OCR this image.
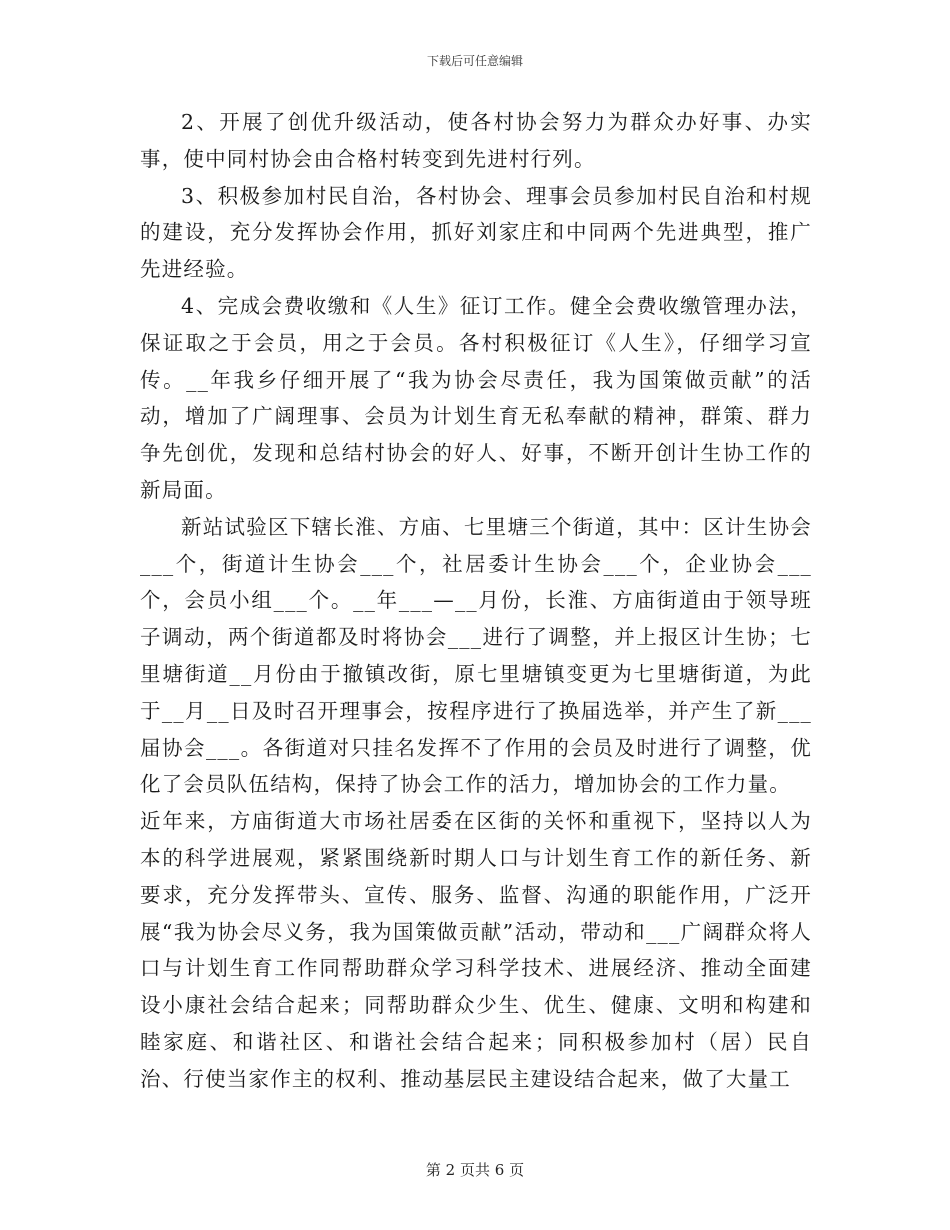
下载后可任意编辑

2、开展了创优升级活动，使各村协会努力为群众办好事、办实事，使中同村协会由合格村转变到先进村行列。

3、积极参加村民自治，各村协会、理事会员参加村民自治和村规的建设，充分发挥协会作用，抓好刘家庄和中同两个先进典型，推广先进经验。

4、完成会费收缴和《人生》征订工作。健全会费收缴管理办法，保证取之于会员，用之于会员。各村积极征订《人生》，仔细学习宣传。__年我乡仔细开展了“我为协会尽责任，我为国策做贡献”的活动，增加了广阔理事、会员为计划生育无私奉献的精神，群策、群力争先创优，发现和总结村协会的好人、好事，不断开创计生协工作的新局面。

新站试验区下辖长淮、方庙、七里塘三个街道，其中：区计生协会___个，街道计生协会___个，社居委计生协会___个，企业协会___个，会员小组___个。__年___—__月份，长淮、方庙街道由于领导班子调动，两个街道都及时将协会___进行了调整，并上报区计生协；七里塘街道__月份由于撤镇改街，原七里塘镇变更为七里塘街道，为此于__月__日及时召开理事会，按程序进行了换届选举，并产生了新___届协会___。各街道对只挂名发挥不了作用的会员及时进行了调整，优化了会员队伍结构，保持了协会工作的活力，增加协会的工作力量。

近年来，方庙街道大市场社居委在区街的关怀和重视下，坚持以人为本的科学进展观，紧紧围绕新时期人口与计划生育工作的新任务、新要求，充分发挥带头、宣传、服务、监督、沟通的职能作用，广泛开展“我为协会尽义务，我为国策做贡献”活动，带动和___广阔群众将人口与计划生育工作同帮助群众学习科学技术、进展经济、推动全面建设小康社会结合起来；同帮助群众少生、优生、健康、文明和构建和睦家庭、和谐社区、和谐社会结合起来；同积极参加村（居）民自治、行使当家作主的权利、推动基层民主建设结合起来，做了大量工

第 2 页共 6 页
